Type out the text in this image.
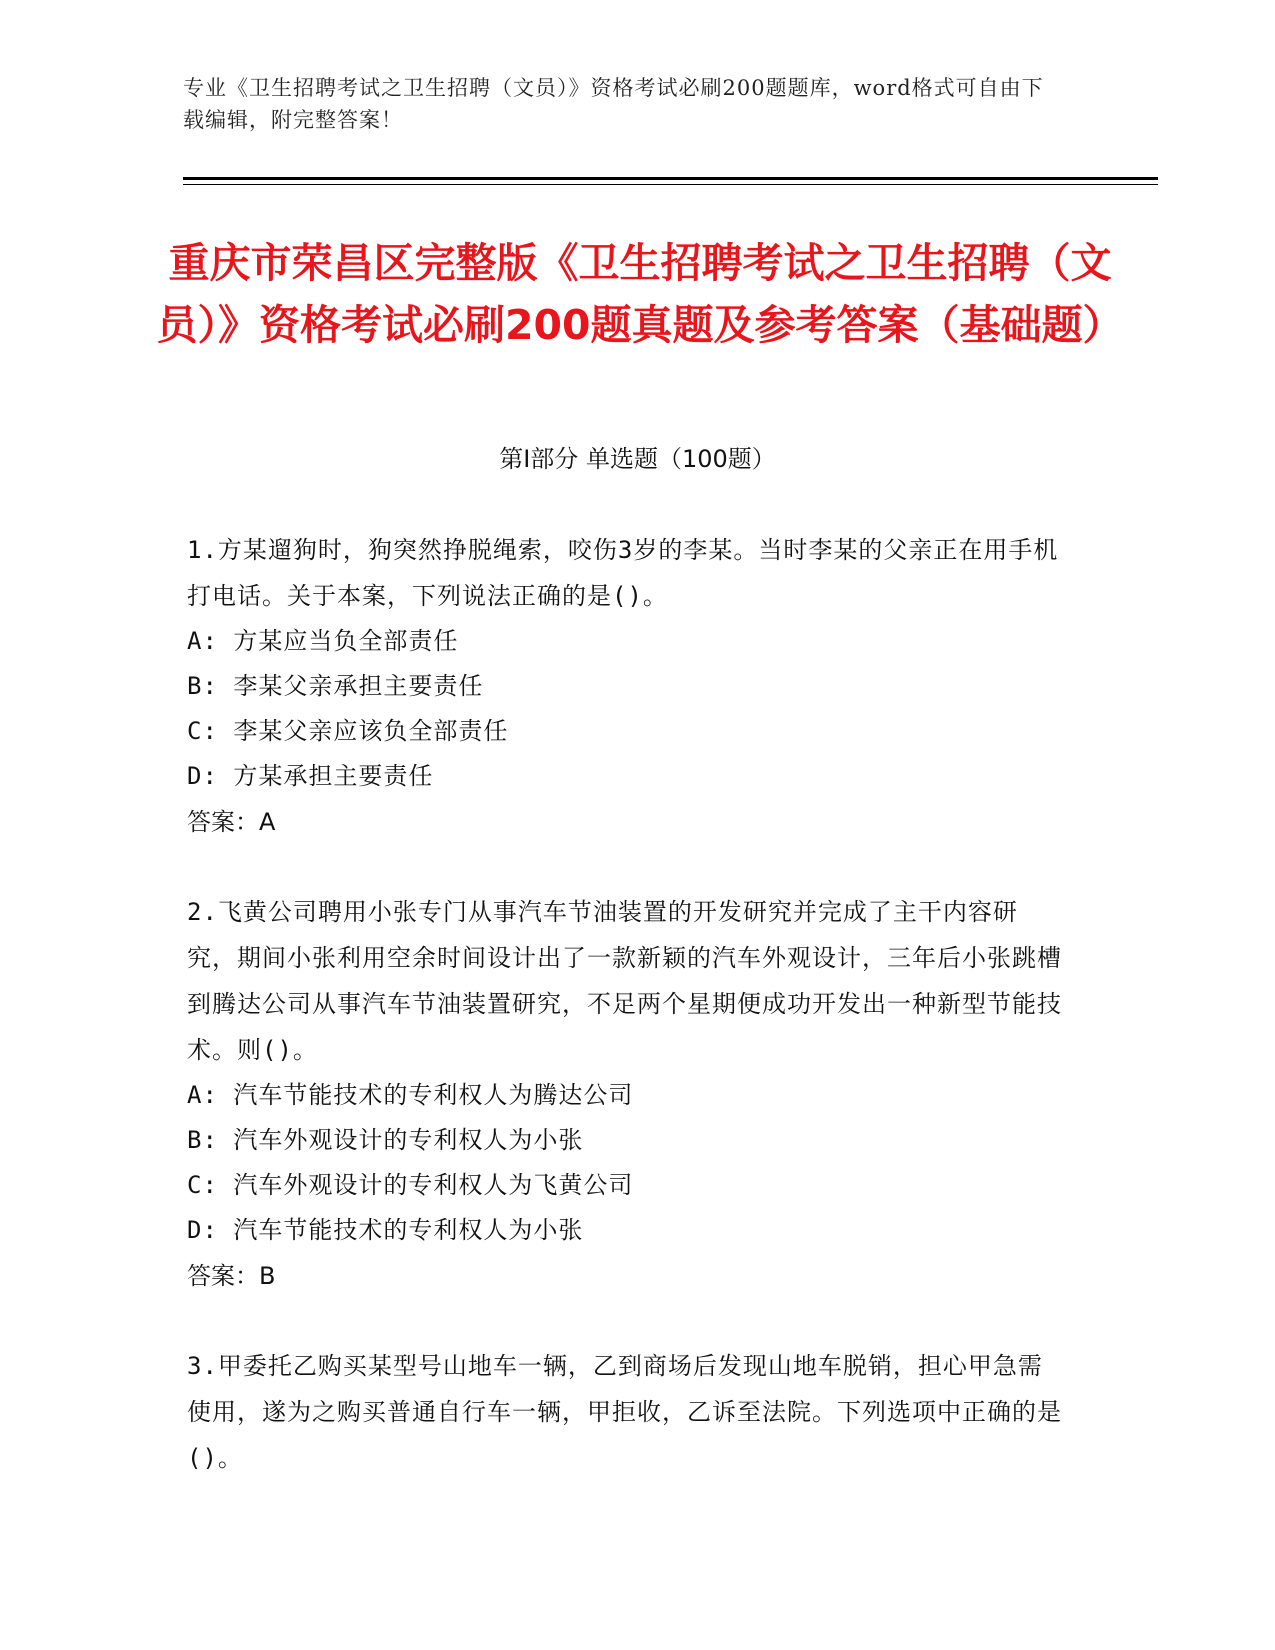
专业《卫生招聘考试之卫生招聘（文员）》资格考试必刷200题题库，word格式可自由下载编辑，附完整答案！
重庆市荣昌区完整版《卫生招聘考试之卫生招聘（文员）》资格考试必刷200题真题及参考答案（基础题）
第Ⅰ部分 单选题（100题）

1.方某遛狗时，狗突然挣脱绳索，咬伤3岁的李某。当时李某的父亲正在用手机打电话。关于本案，下列说法正确的是()。

A: 方某应当负全部责任

B: 李某父亲承担主要责任

C: 李某父亲应该负全部责任

D: 方某承担主要责任

答案：A

2.飞黄公司聘用小张专门从事汽车节油装置的开发研究并完成了主干内容研究，期间小张利用空余时间设计出了一款新颖的汽车外观设计，三年后小张跳槽到腾达公司从事汽车节油装置研究，不足两个星期便成功开发出一种新型节能技术。则()。

A: 汽车节能技术的专利权人为腾达公司

B: 汽车外观设计的专利权人为小张

C: 汽车外观设计的专利权人为飞黄公司

D: 汽车节能技术的专利权人为小张

答案：B

3.甲委托乙购买某型号山地车一辆，乙到商场后发现山地车脱销，担心甲急需使用，遂为之购买普通自行车一辆，甲拒收，乙诉至法院。下列选项中正确的是()。
